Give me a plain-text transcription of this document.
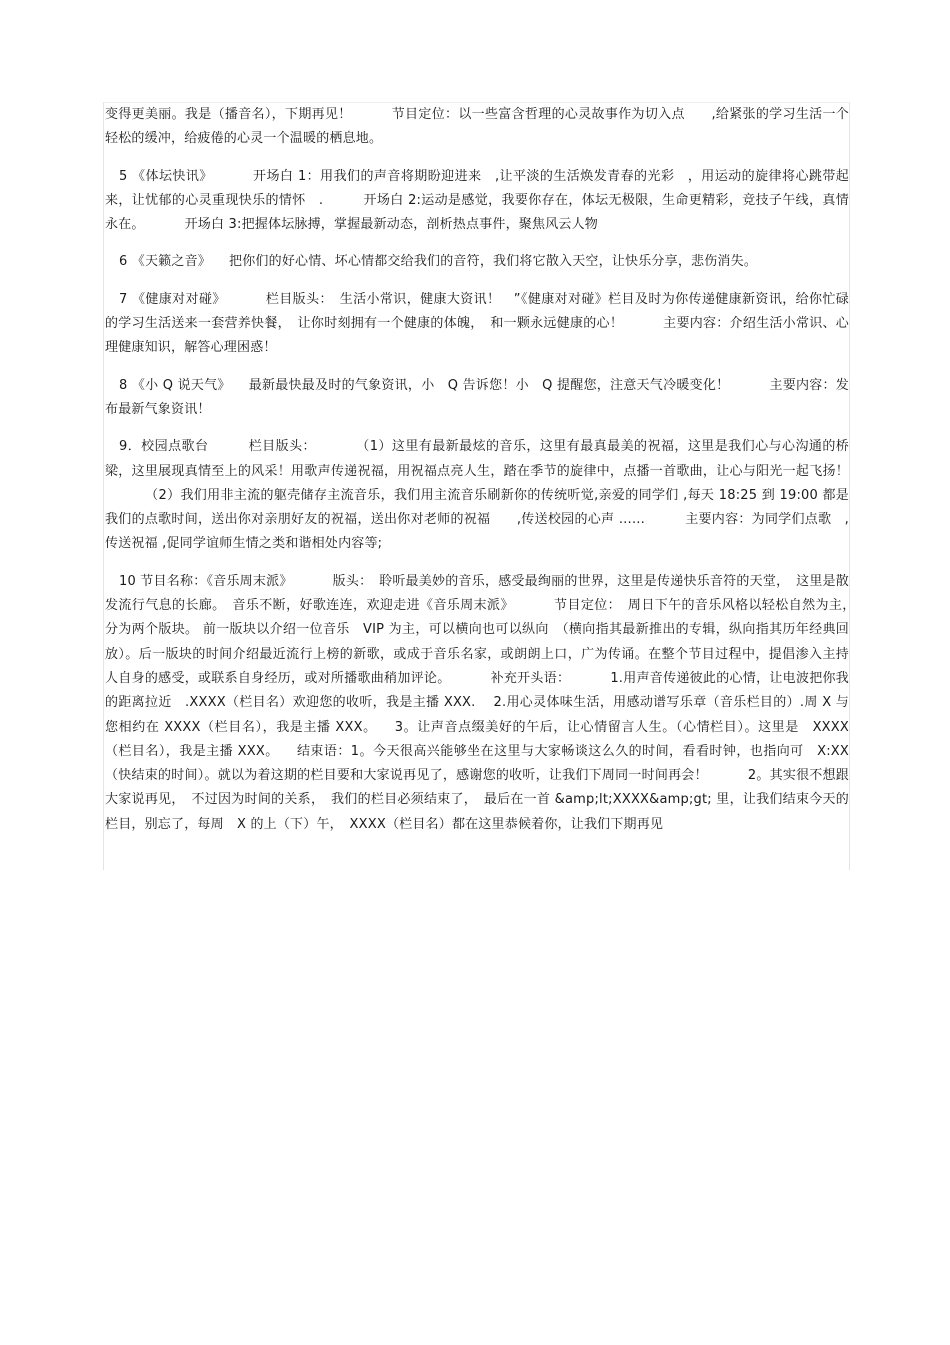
变得更美丽。我是（播音名），下期再见！	节目定位：以一些富含哲理的心灵故事作为切入点　　,给紧张的学习生活一个轻松的缓冲，给疲倦的心灵一个温暖的栖息地。

5 《体坛快讯》	开场白 1：用我们的声音将期盼迎进来　,让平淡的生活焕发青春的光彩　，用运动的旋律将心跳带起来，让忧郁的心灵重现快乐的情怀　.	开场白 2:运动是感觉，我要你存在，体坛无极限，生命更精彩，竞技子午线，真情永在。	开场白 3:把握体坛脉搏，掌握最新动态，剖析热点事件，聚焦风云人物

6 《天籁之音》 把你们的好心情、坏心情都交给我们的音符，我们将它散入天空，让快乐分享，悲伤消失。

7 《健康对对碰》	栏目版头：　生活小常识，健康大资讯！　”《健康对对碰》栏目及时为你传递健康新资讯，给你忙碌的学习生活送来一套营养快餐，　让你时刻拥有一个健康的体魄，　和一颗永远健康的心！	主要内容：介绍生活小常识、心理健康知识，解答心理困惑！

8 《小 Q 说天气》 最新最快最及时的气象资讯，小　Q 告诉您！小　Q 提醒您，注意天气冷暖变化！	主要内容：发布最新气象资讯！

9．校园点歌台	栏目版头：	（1）这里有最新最炫的音乐，这里有最真最美的祝福，这里是我们心与心沟通的桥梁，这里展现真情至上的风采！用歌声传递祝福，用祝福点亮人生，踏在季节的旋律中，点播一首歌曲，让心与阳光一起飞扬！（2）我们用非主流的躯壳储存主流音乐，我们用主流音乐刷新你的传统听觉,亲爱的同学们 ,每天 18:25 到 19:00 都是我们的点歌时间，送出你对亲朋好友的祝福，送出你对老师的祝福　　,传送校园的心声 ……	主要内容：为同学们点歌　,传送祝福 ,促同学谊师生情之类和谐相处内容等;

10 节目名称：《音乐周末派》	版头：　聆听最美妙的音乐，感受最绚丽的世界，这里是传递快乐音符的天堂，　这里是散发流行气息的长廊。　音乐不断，好歌连连，欢迎走进《音乐周末派》	节目定位：　周日下午的音乐风格以轻松自然为主，　分为两个版块。 前一版块以介绍一位音乐　VIP 为主，可以横向也可以纵向　（横向指其最新推出的专辑，纵向指其历年经典回放）。后一版块的时间介绍最近流行上榜的新歌，或成于音乐名家，或朗朗上口，广为传诵。在整个节目过程中，提倡渗入主持人自身的感受，或联系自身经历，或对所播歌曲稍加评论。	补充开头语：	1.用声音传递彼此的心情，让电波把你我的距离拉近　.XXXX（栏目名）欢迎您的收听，我是主播 XXX. 2.用心灵体味生活，用感动谱写乐章（音乐栏目的）.周 X 与您相约在 XXXX（栏目名），我是主播 XXX。 3。让声音点缀美好的午后，让心情留言人生。（心情栏目）。这里是　XXXX（栏目名），我是主播 XXX。 结束语：1。今天很高兴能够坐在这里与大家畅谈这么久的时间，看看时钟，也指向可　X:XX（快结束的时间）。就以为着这期的栏目要和大家说再见了，感谢您的收听，让我们下周同一时间再会！	2。其实很不想跟大家说再见，　不过因为时间的关系，　我们的栏目必须结束了，　最后在一首 &amp;lt;XXXX&amp;gt; 里，让我们结束今天的栏目，别忘了，每周　X 的上（下）午，　XXXX（栏目名）都在这里恭候着你，让我们下期再见
